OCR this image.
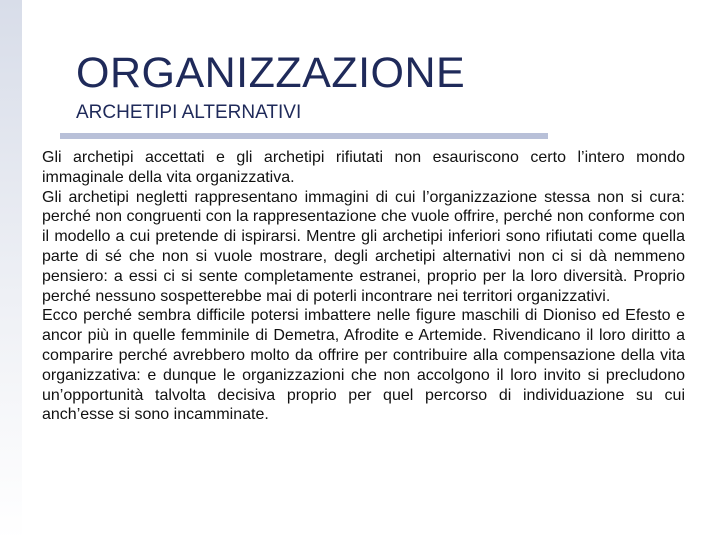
ORGANIZZAZIONE
ARCHETIPI ALTERNATIVI

Gli archetipi accettati e gli archetipi rifiutati non esauriscono certo l’intero mondo immaginale della vita organizzativa.

Gli archetipi negletti rappresentano immagini di cui l’organizzazione stessa non si cura: perché non congruenti con la rappresentazione che vuole offrire, perché non conforme con il modello a cui pretende di ispirarsi. Mentre gli archetipi inferiori sono rifiutati come quella parte di sé che non si vuole mostrare, degli archetipi alternativi non ci si dà nemmeno pensiero: a essi ci si sente completamente estranei, proprio per la loro diversità. Proprio perché nessuno sospetterebbe mai di poterli incontrare nei territori organizzativi.

Ecco perché sembra difficile potersi imbattere nelle figure maschili di Dioniso ed Efesto e ancor più in quelle femminile di Demetra, Afrodite e Artemide. Rivendicano il loro diritto a comparire perché avrebbero molto da offrire per contribuire alla compensazione della vita organizzativa: e dunque le organizzazioni che non accolgono il loro invito si precludono un’opportunità talvolta decisiva proprio per quel percorso di individuazione su cui anch’esse si sono incamminate.
